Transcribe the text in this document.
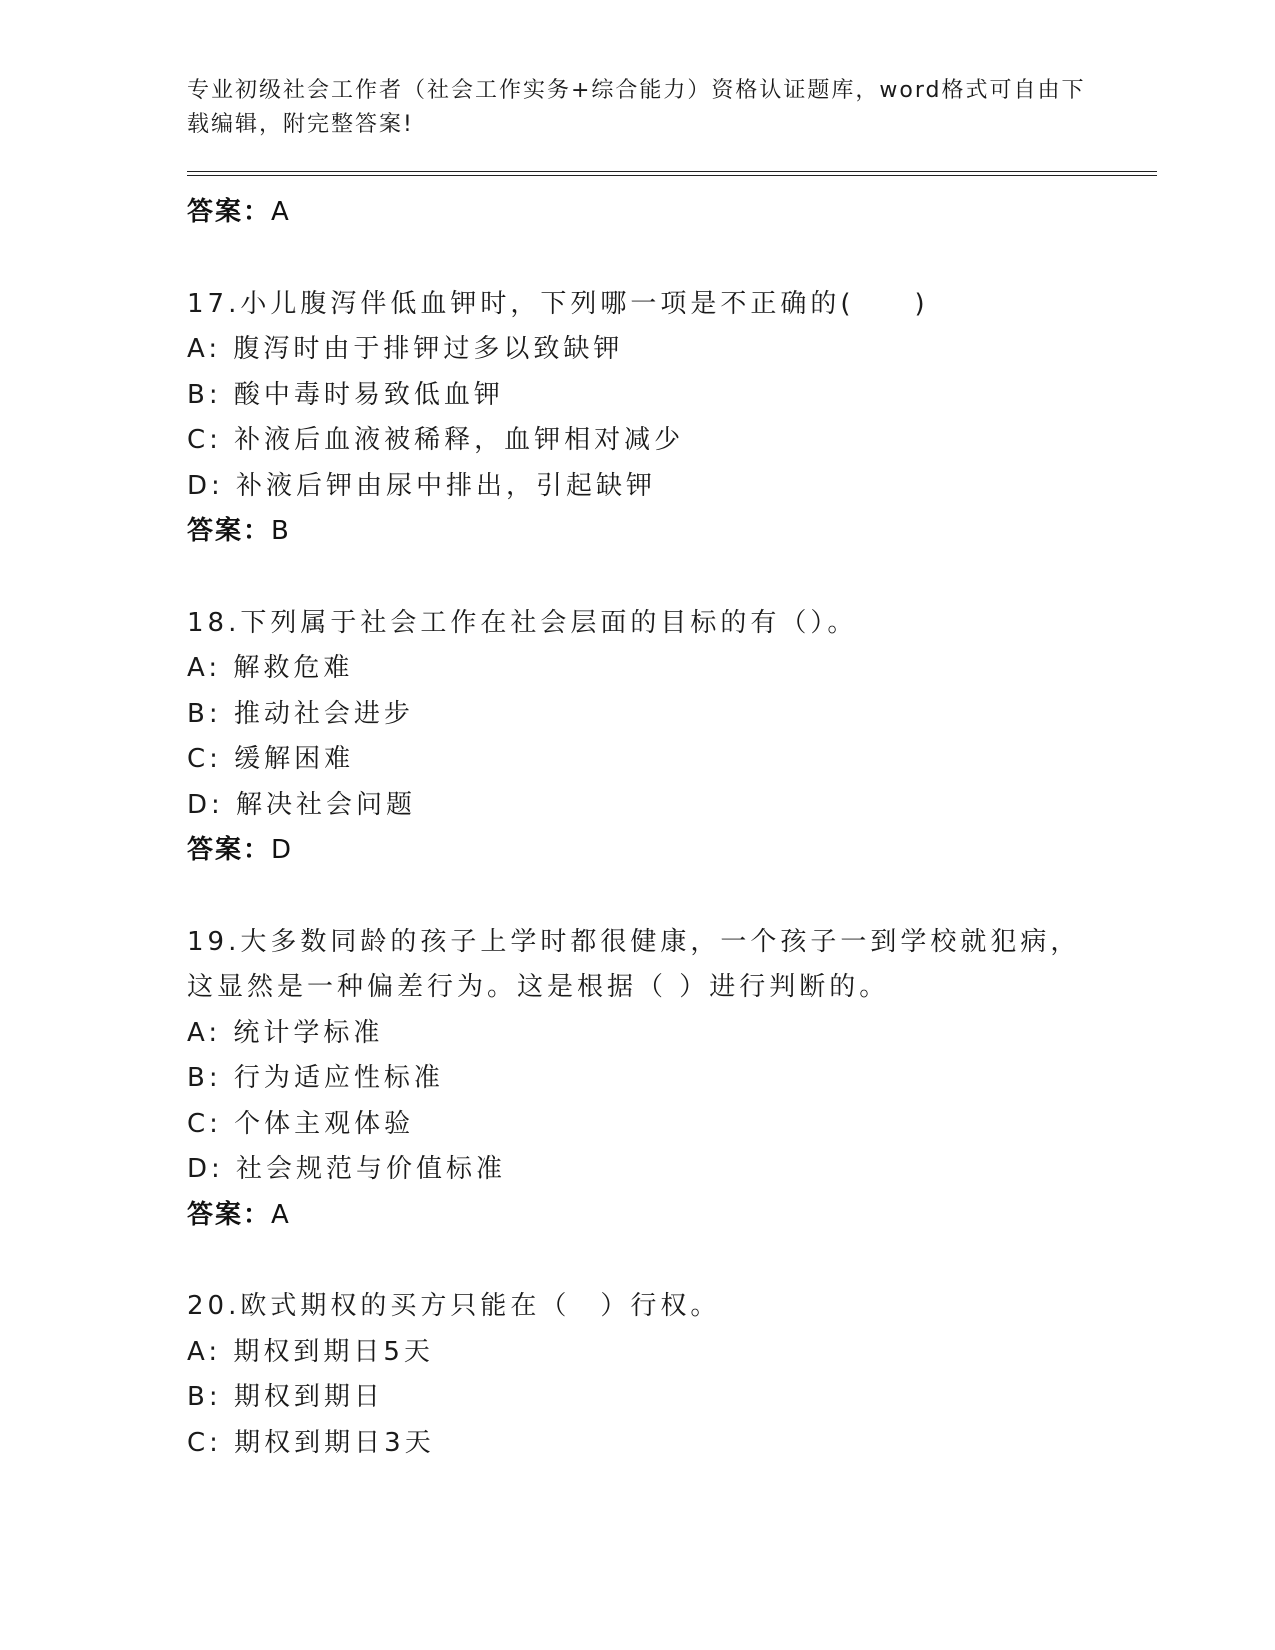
专业初级社会工作者（社会工作实务+综合能力）资格认证题库，word格式可自由下载编辑，附完整答案!
答案：A
17.小儿腹泻伴低血钾时，下列哪一项是不正确的(　　)
A: 腹泻时由于排钾过多以致缺钾
B: 酸中毒时易致低血钾
C: 补液后血液被稀释，血钾相对减少
D: 补液后钾由尿中排出，引起缺钾
答案：B
18.下列属于社会工作在社会层面的目标的有（）。
A: 解救危难
B: 推动社会进步
C: 缓解困难
D: 解决社会问题
答案：D
19.大多数同龄的孩子上学时都很健康，一个孩子一到学校就犯病，这显然是一种偏差行为。这是根据（ ）进行判断的。
A: 统计学标准
B: 行为适应性标准
C: 个体主观体验
D: 社会规范与价值标准
答案：A
20.欧式期权的买方只能在（　）行权。
A: 期权到期日5天
B: 期权到期日
C: 期权到期日3天
